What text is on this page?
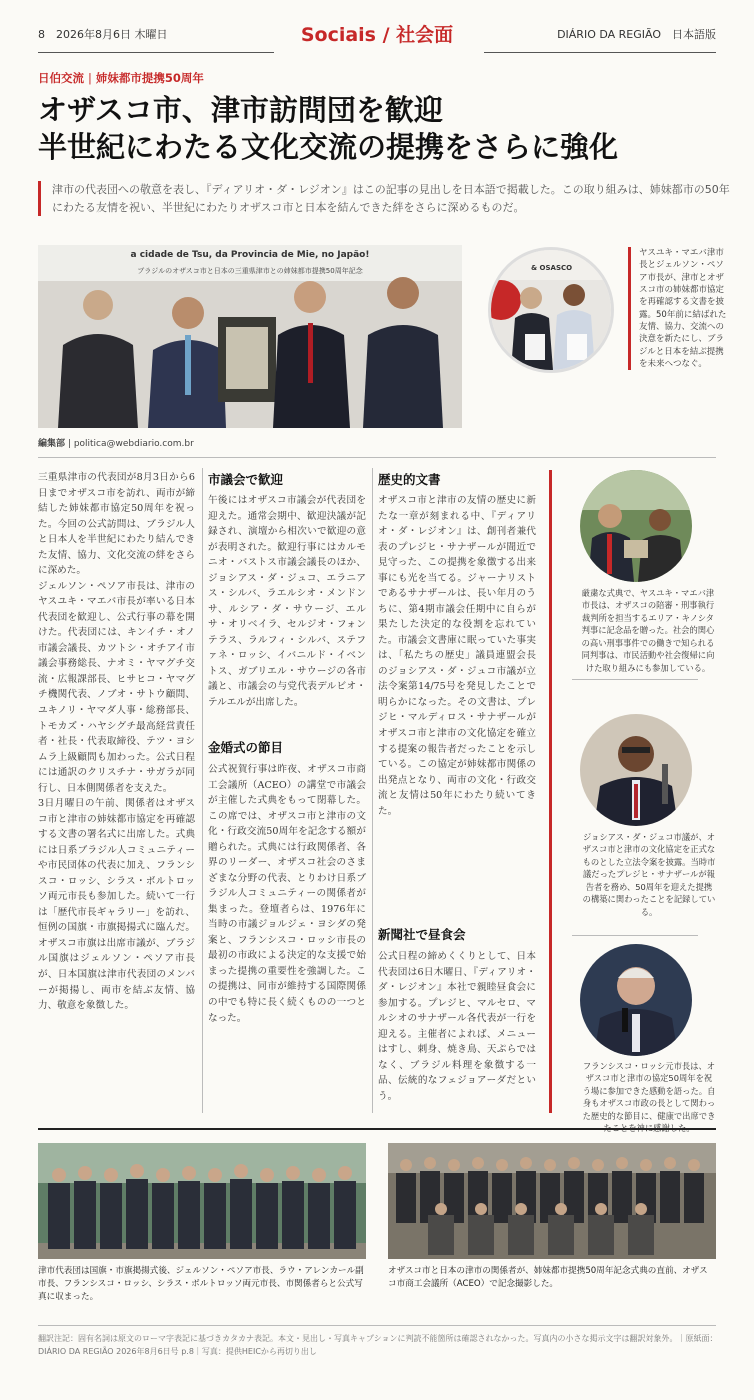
8　2026年8月6日 木曜日	Sociais / 社会面	DIÁRIO DA REGIÃO　日本語版
日伯交流 | 姉妹都市提携50周年
オザスコ市、津市訪問団を歓迎
半世紀にわたる文化交流の提携をさらに強化
津市の代表団への敬意を表し、『ディアリオ・ダ・レジオン』はこの記事の見出しを日本語で掲載した。この取り組みは、姉妹都市の50年にわたる友情を祝い、半世紀にわたりオザスコ市と日本を結んできた絆をさらに深めるものだ。
a cidade de Tsu, da Provincia de Mie, no Japão!
ブラジルのオザスコ市と日本の三重県津市との姉妹都市提携50周年記念	& OSASCO
ヤスユキ・マエバ津市長とジェルソン・ペソア市長が、津市とオザスコ市の姉妹都市協定を再確認する文書を披露。50年前に結ばれた友情、協力、交流への決意を新たにし、ブラジルと日本を結ぶ提携を未来へつなぐ。
編集部 | politica@webdiario.com.br
三重県津市の代表団が8月3日から6日までオザスコ市を訪れ、両市が締結した姉妹都市協定50周年を祝った。今回の公式訪問は、ブラジル人と日本人を半世紀にわたり結んできた友情、協力、文化交流の絆をさらに深めた。
ジェルソン・ペソア市長は、津市のヤスユキ・マエバ市長が率いる日本代表団を歓迎し、公式行事の幕を開けた。代表団には、キンイチ・オノ市議会議長、カツトシ・オチアイ市議会事務総長、ナオミ・ヤマグチ交流・広報課部長、ヒサヒコ・ヤマグチ機関代表、ノブオ・サトウ顧問、ユキノリ・ヤマダ人事・総務部長、トモカズ・ハヤシグチ最高経営責任者・社長・代表取締役、テツ・ヨシムラ上級顧問も加わった。公式日程には通訳のクリスチナ・サガラが同行し、日本側関係者を支えた。
3日月曜日の午前、関係者はオザスコ市と津市の姉妹都市協定を再確認する文書の署名式に出席した。式典には日系ブラジル人コミュニティーや市民団体の代表に加え、フランシスコ・ロッシ、シラス・ボルトロッソ両元市長も参加した。続いて一行は「歴代市長ギャラリー」を訪れ、恒例の国旗・市旗掲揚式に臨んだ。オザスコ市旗は出席市議が、ブラジル国旗はジェルソン・ペソア市長が、日本国旗は津市代表団のメンバーが掲揚し、両市を結ぶ友情、協力、敬意を象徴した。
市議会で歓迎
午後にはオザスコ市議会が代表団を迎えた。通常会期中、歓迎決議が記録され、演壇から相次いで歓迎の意が表明された。歓迎行事にはカルモニオ・バストス市議会議長のほか、ジョシアス・ダ・ジュコ、エラニアス・シルバ、ラエルシオ・メンドンサ、ルシア・ダ・サウージ、エルサ・オリベイラ、セルジオ・フォンテラス、ラルフィ・シルバ、ステファネ・ロッシ、イバニルド・イベントス、ガブリエル・サウージの各市議と、市議会の与党代表デルビオ・テルエルが出席した。
金婚式の節目
公式祝賀行事は昨夜、オザスコ市商工会議所（ACEO）の講堂で市議会が主催した式典をもって閉幕した。この席では、オザスコ市と津市の文化・行政交流50周年を記念する額が贈られた。式典には行政関係者、各界のリーダー、オザスコ社会のさまざまな分野の代表、とりわけ日系ブラジル人コミュニティーの関係者が集まった。登壇者らは、1976年に当時の市議ジョルジェ・ヨシダの発案と、フランシスコ・ロッシ市長の最初の市政による決定的な支援で始まった提携の重要性を強調した。この提携は、同市が維持する国際関係の中でも特に長く続くものの一つとなった。
歴史的文書
オザスコ市と津市の友情の歴史に新たな一章が刻まれる中、『ディアリオ・ダ・レジオン』は、創刊者兼代表のプレジヒ・サナザールが間近で見守った、この提携を象徴する出来事にも光を当てる。ジャーナリストであるサナザールは、長い年月のうちに、第4期市議会任期中に自らが果たした決定的な役割を忘れていた。市議会文書庫に眠っていた事実は、「私たちの歴史」議員連盟会長のジョシアス・ダ・ジュコ市議が立法令案第14/75号を発見したことで明らかになった。その文書は、プレジヒ・マルディロス・サナザールがオザスコ市と津市の文化協定を確立する提案の報告者だったことを示している。この協定が姉妹都市関係の出発点となり、両市の文化・行政交流と友情は50年にわたり続いてきた。
新聞社で昼食会
公式日程の締めくくりとして、日本代表団は6日木曜日、『ディアリオ・ダ・レジオン』本社で親睦昼食会に参加する。プレジヒ、マルセロ、マルシオのサナザール各代表が一行を迎える。主催者によれば、メニューはすし、刺身、焼き鳥、天ぷらではなく、ブラジル料理を象徴する一品、伝統的なフェジョアーダだという。
厳粛な式典で、ヤスユキ・マエバ津市長は、オザスコの陪審・刑事執行裁判所を担当するエリア・キノシタ判事に記念品を贈った。社会的関心の高い刑事事件での働きで知られる同判事は、市民活動や社会復帰に向けた取り組みにも参加している。
ジョシアス・ダ・ジュコ市議が、オザスコ市と津市の文化協定を正式なものとした立法令案を披露。当時市議だったプレジヒ・サナザールが報告者を務め、50周年を迎えた提携の構築に関わったことを記録している。
フランシスコ・ロッシ元市長は、オザスコ市と津市の協定50周年を祝う場に参加できた感動を語った。自身もオザスコ市政の長として関わった歴史的な節目に、健康で出席でき
津市代表団は国旗・市旗掲揚式後、ジェルソン・ペソア市長、ラウ・アレンカール副市長、フランシスコ・ロッシ、シラス・ボルトロッソ両元市長、市関係者らと公式写真に収まった。
オザスコ市と日本の津市の関係者が、姉妹都市提携50周年記念式典の直前、オザスコ市商工会議所（ACEO）で記念撮影した。
翻訳注記：固有名詞は原文のローマ字表記に基づきカタカナ表記。本文・見出し・写真キャプションに判読不能箇所は確認されなかった。写真内の小さな掲示文字は翻訳対象外。｜原紙面：DIÁRIO DA REGIÃO 2026年8月6日号 p.8｜写真：提供HEICから再切り出し
